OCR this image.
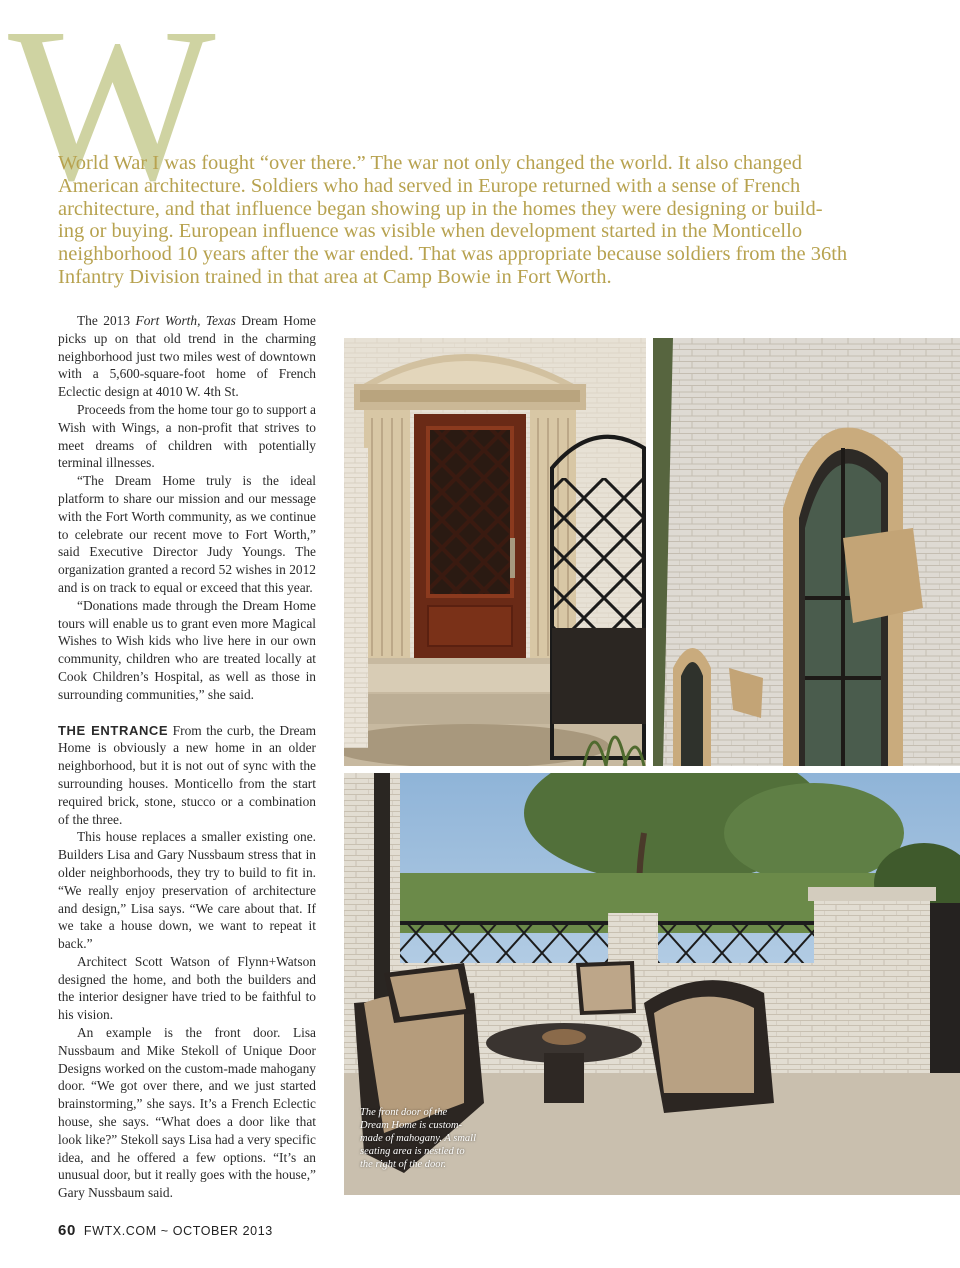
W
World War I was fought “over there.” The war not only changed the world. It also changed
American architecture. Soldiers who had served in Europe returned with a sense of French
architecture, and that influence began showing up in the homes they were designing or build-
ing or buying. European influence was visible when development started in the Monticello
neighborhood 10 years after the war ended. That was appropriate because soldiers from the 36th
Infantry Division trained in that area at Camp Bowie in Fort Worth.

The 2013 Fort Worth, Texas Dream Home picks up on that old trend in the charming neighborhood just two miles west of downtown with a 5,600-square-foot home of French Eclectic design at 4010 W. 4th St.

Proceeds from the home tour go to support a Wish with Wings, a non-profit that strives to meet dreams of children with potentially terminal illnesses.

“The Dream Home truly is the ideal platform to share our mission and our message with the Fort Worth community, as we continue to celebrate our recent move to Fort Worth,” said Executive Director Judy Youngs. The organization granted a record 52 wishes in 2012 and is on track to equal or exceed that this year.

“Donations made through the Dream Home tours will enable us to grant even more Magical Wishes to Wish kids who live here in our own community, children who are treated locally at Cook Children’s Hospital, as well as those in surrounding communities,” she said.

THE ENTRANCE From the curb, the Dream Home is obviously a new home in an older neighborhood, but it is not out of sync with the surrounding houses. Monticello from the start required brick, stone, stucco or a combination of the three.

This house replaces a smaller existing one. Builders Lisa and Gary Nussbaum stress that in older neighborhoods, they try to build to fit in. “We really enjoy preservation of architecture and design,” Lisa says. “We care about that. If we take a house down, we want to repeat it back.”

Architect Scott Watson of Flynn+Watson designed the home, and both the builders and the interior designer have tried to be faithful to his vision.

An example is the front door. Lisa Nussbaum and Mike Stekoll of Unique Door Designs worked on the custom-made mahogany door. “We got over there, and we just started brainstorming,” she says. It’s a French Eclectic house, she says. “What does a door like that look like?” Stekoll says Lisa had a very specific idea, and he offered a few options. “It’s an unusual door, but it really goes with the house,” Gary Nussbaum said.

The front door of the Dream Home is custom-made of mahogany. A small seating area is nestled to the right of the door.
60 FWTX.COM ~ OCTOBER 2013
